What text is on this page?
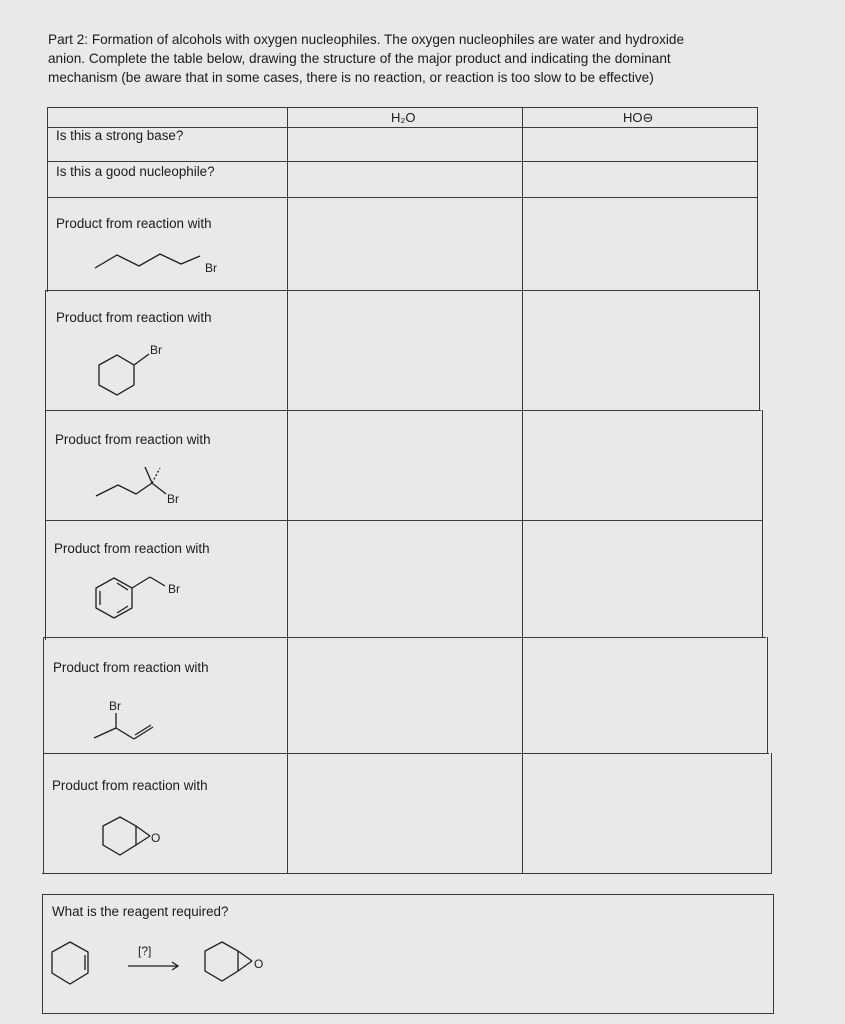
Part 2: Formation of alcohols with oxygen nucleophiles. The oxygen nucleophiles are water and hydroxide
anion. Complete the table below, drawing the structure of the major product and indicating the dominant
mechanism (be aware that in some cases, there is no reaction, or reaction is too slow to be effective)
H₂O	HO⊖
Is this a strong base?
Is this a good nucleophile?
Product from reaction with
Product from reaction with
Product from reaction with
Product from reaction with
Product from reaction with
Product from reaction with
Br
Br
Br
Br
Br
O
What is the reagent required?
[?]
O
